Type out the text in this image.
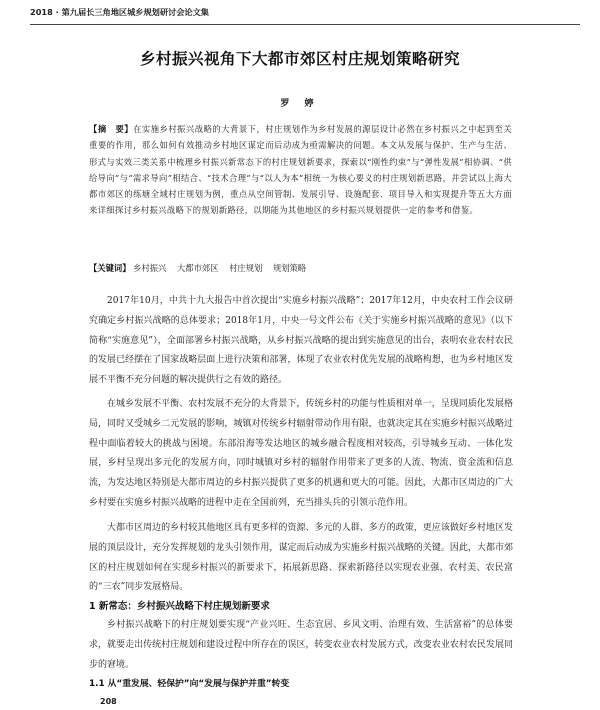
2018 · 第九届长三角地区城乡规划研讨会论文集
乡村振兴视角下大都市郊区村庄规划策略研究
罗 婷
【摘　要】在实施乡村振兴战略的大背景下，村庄规划作为乡村发展的源层设计必然在乡村振兴之中起到至关重要的作用，那么如何有效推动乡村地区谋定而后动成为亟需解决的问题。本文从发展与保护、生产与生活、形式与实效三类关系中梳理乡村振兴新常态下的村庄规划新要求，探索以“刚性约束”与“弹性发展”相协调、“供给导向”与“需求导向”相结合、“技术合理”与“以人为本”相统一为核心要义的村庄规划新思路，并尝试以上海大都市郊区的练塘全域村庄规划为例，重点从空间管制、发展引导、设施配套、项目导入和实现提升等五大方面来详细探讨乡村振兴战略下的规划新路径，以期能为其他地区的乡村振兴规划提供一定的参考和借鉴。
【关键词】 乡村振兴 大都市郊区 村庄规划 规划策略

2017年10月，中共十九大报告中首次提出“实施乡村振兴战略”；2017年12月，中央农村工作会议研究确定乡村振兴战略的总体要求；2018年1月，中央一号文件公布《关于实施乡村振兴战略的意见》（以下简称“实施意见”），全面部署乡村振兴战略，从乡村振兴战略的提出到实施意见的出台，表明农业农村农民的发展已经摆在了国家战略层面上进行决策和部署，体现了农业农村优先发展的战略构想，也为乡村地区发展不平衡不充分问题的解决提供行之有效的路径。

在城乡发展不平衡、农村发展不充分的大背景下，传统乡村的功能与性质相对单一，呈现同质化发展格局，同时又受城乡二元发展的影响，城镇对传统乡村辐射带动作用有限，也就决定其在实施乡村振兴战略过程中面临着较大的挑战与困境。东部沿海等发达地区的城乡融合程度相对较高，引导城乡互动、一体化发展，乡村呈现出多元化的发展方向，同时城镇对乡村的辐射作用带来了更多的人流、物流、资金流和信息流，为发达地区特别是大都市周边的乡村振兴提供了更多的机遇和更大的可能。因此，大都市区周边的广大乡村要在实施乡村振兴战略的进程中走在全国前列，充当排头兵的引领示范作用。

大都市区周边的乡村较其他地区具有更多样的资源、多元的人群、多方的政策，更应该做好乡村地区发展的顶层设计，充分发挥规划的龙头引领作用，谋定而后动成为实施乡村振兴战略的关键。因此，大都市郊区的村庄规划如何在实现乡村振兴的新要求下，拓展新思路、探索新路径以实现农业强、农村美、农民富的“三农”同步发展格局。

1 新常态：乡村振兴战略下村庄规划新要求

乡村振兴战略下的村庄规划要实现“产业兴旺、生态宜居、乡风文明、治理有效、生活富裕”的总体要求，就要走出传统村庄规划和建设过程中所存在的误区，转变农业农村发展方式，改变农业农村农民发展同步的窘境。

1.1 从“重发展、轻保护”向“发展与保护并重”转变
208
